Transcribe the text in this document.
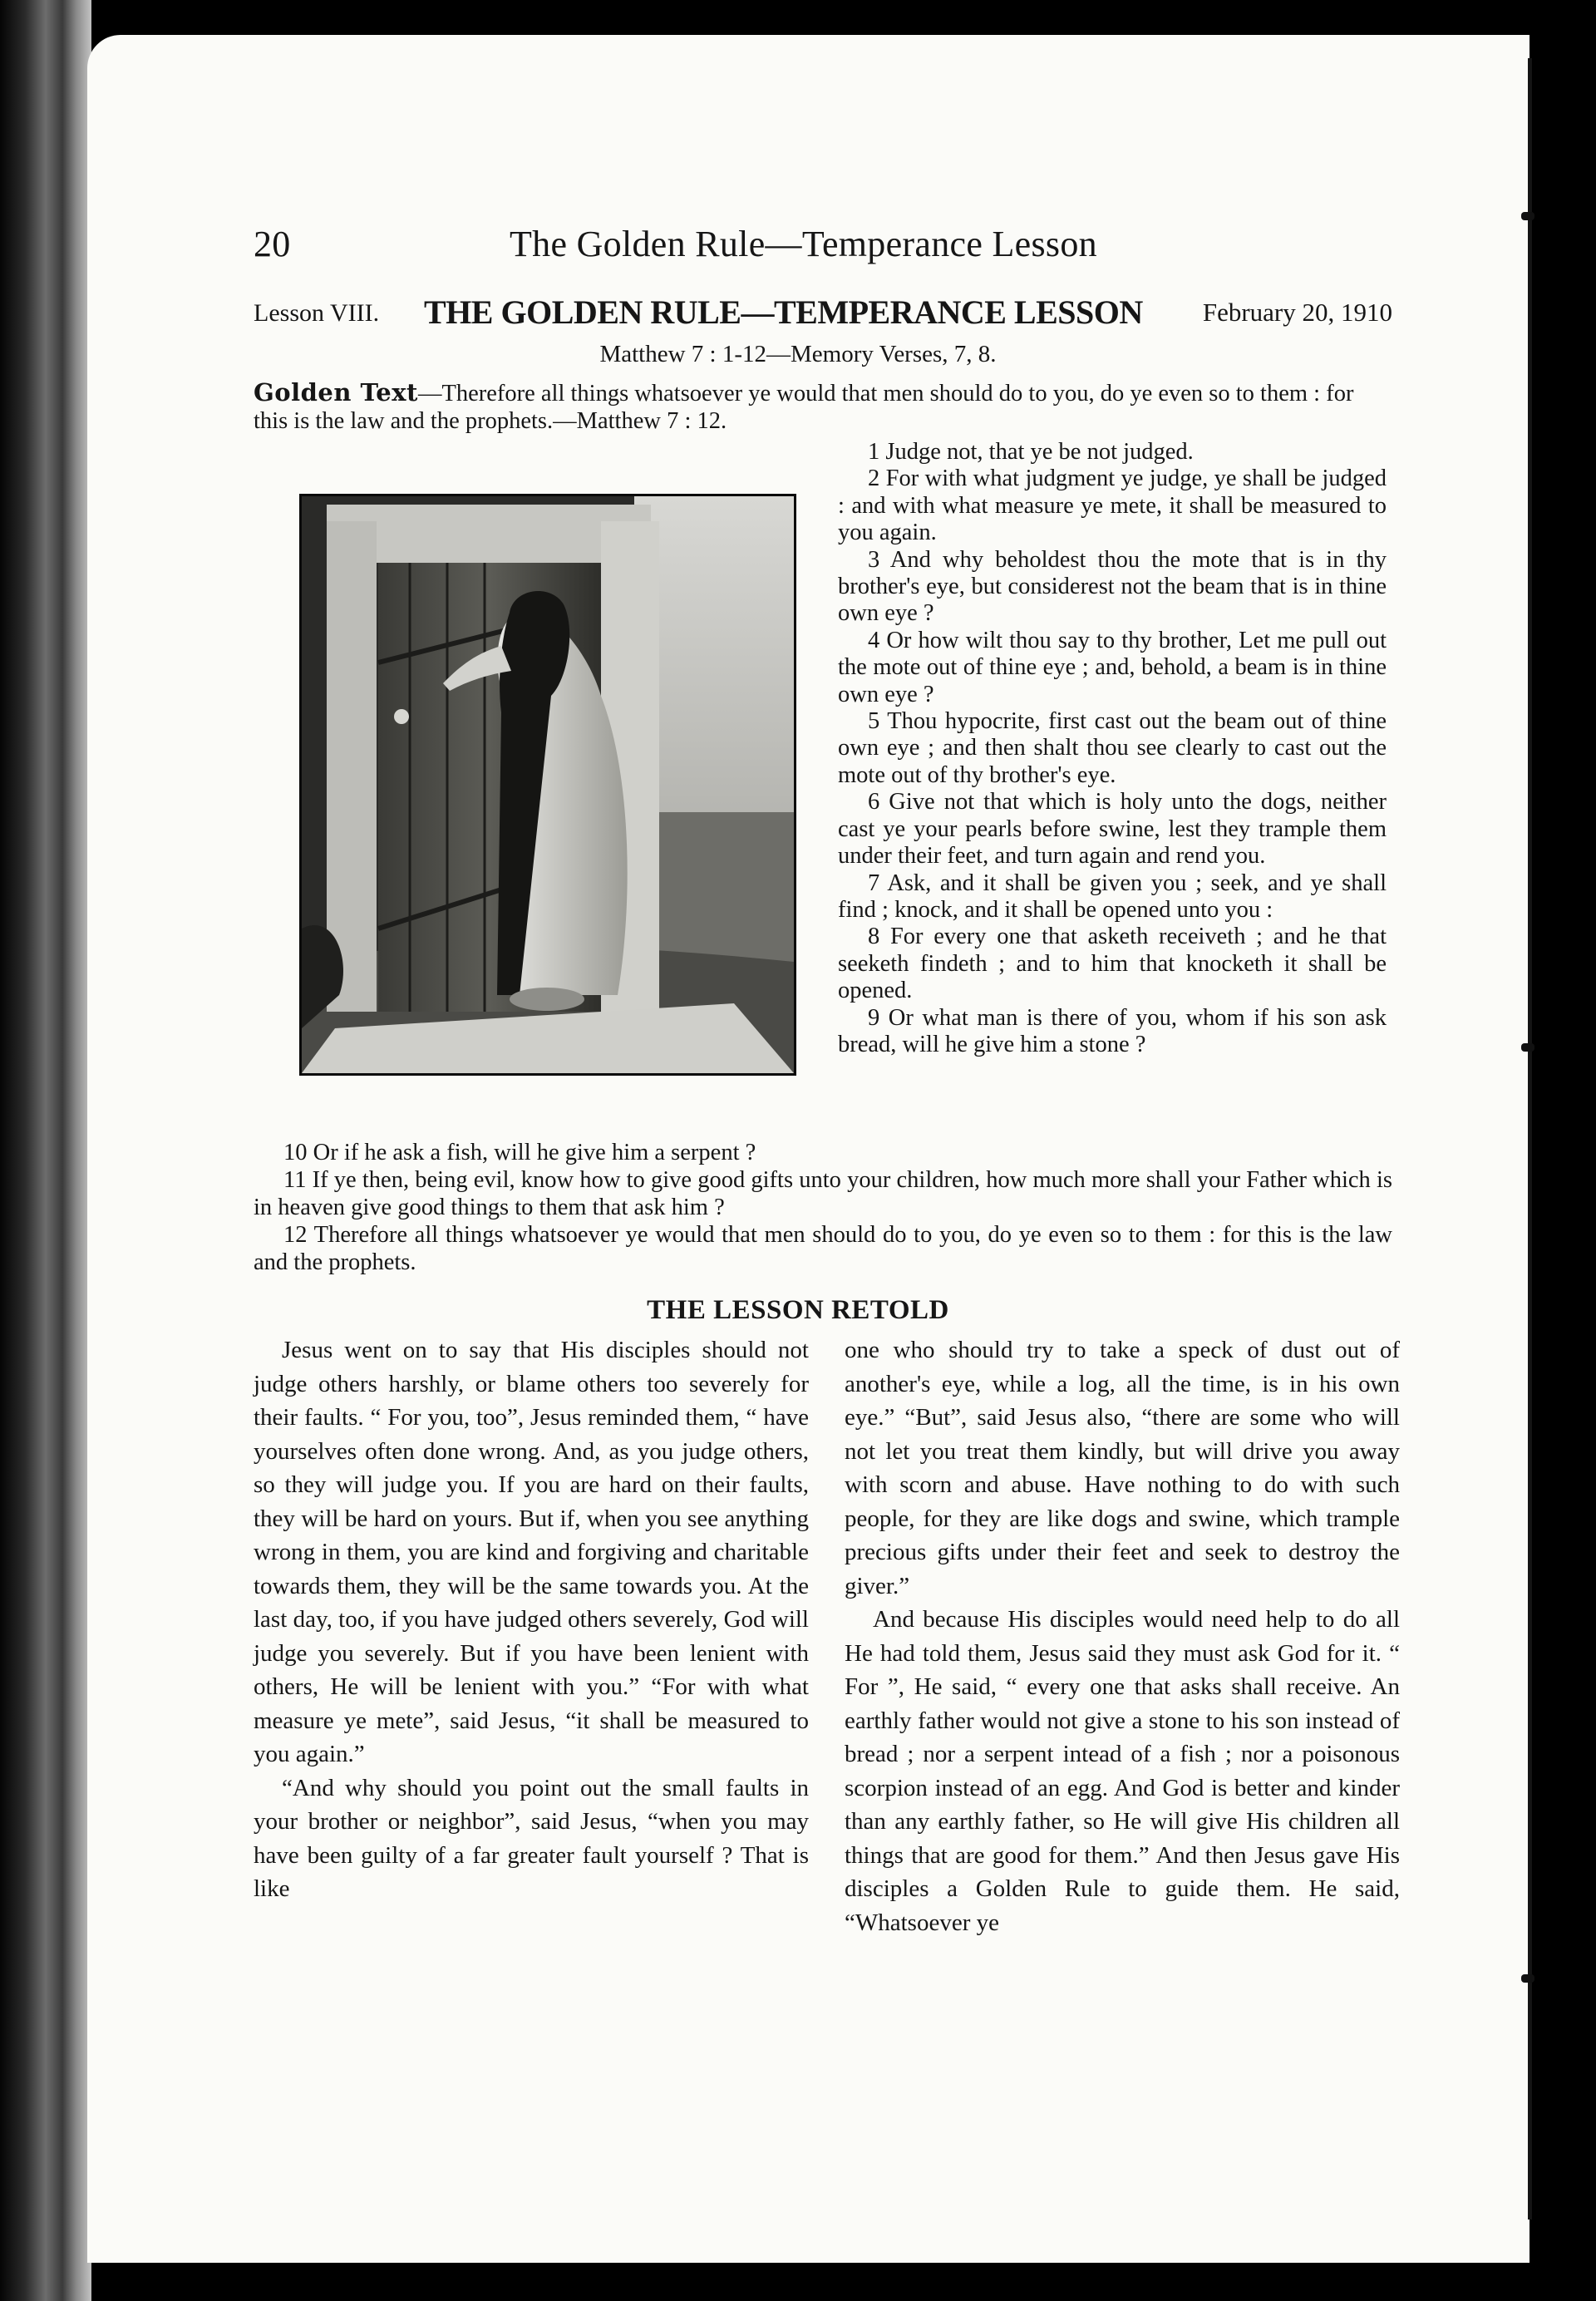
20	The Golden Rule—Temperance Lesson
Lesson VIII. THE GOLDEN RULE—TEMPERANCE LESSON February 20, 1910
Matthew 7 : 1-12—Memory Verses, 7, 8.
Golden Text—Therefore all things whatsoever ye would that men should do to you, do ye even so to them : for this is the law and the prophets.—Matthew 7 : 12.

1 Judge not, that ye be not judged.

2 For with what judgment ye judge, ye shall be judged : and with what measure ye mete, it shall be measured to you again.

3 And why beholdest thou the mote that is in thy brother's eye, but considerest not the beam that is in thine own eye ?

4 Or how wilt thou say to thy brother, Let me pull out the mote out of thine eye ; and, behold, a beam is in thine own eye ?

5 Thou hypocrite, first cast out the beam out of thine own eye ; and then shalt thou see clearly to cast out the mote out of thy brother's eye.

6 Give not that which is holy unto the dogs, neither cast ye your pearls before swine, lest they trample them under their feet, and turn again and rend you.

7 Ask, and it shall be given you ; seek, and ye shall find ; knock, and it shall be opened unto you :

8 For every one that asketh receiveth ; and he that seeketh findeth ; and to him that knocketh it shall be opened.

9 Or what man is there of you, whom if his son ask bread, will he give him a stone ?

10 Or if he ask a fish, will he give him a serpent ?

11 If ye then, being evil, know how to give good gifts unto your children, how much more shall your Father which is in heaven give good things to them that ask him ?

12 Therefore all things whatsoever ye would that men should do to you, do ye even so to them : for this is the law and the prophets.

THE LESSON RETOLD

Jesus went on to say that His disciples should not judge others harshly, or blame others too severely for their faults. “ For you, too”, Jesus reminded them, “ have yourselves often done wrong. And, as you judge others, so they will judge you. If you are hard on their faults, they will be hard on yours. But if, when you see anything wrong in them, you are kind and forgiving and charitable towards them, they will be the same towards you. At the last day, too, if you have judged others severely, God will judge you severely. But if you have been lenient with others, He will be lenient with you.” “For with what measure ye mete”, said Jesus, “it shall be measured to you again.”

“And why should you point out the small faults in your brother or neighbor”, said Jesus, “when you may have been guilty of a far greater fault yourself ? That is like

one who should try to take a speck of dust out of another's eye, while a log, all the time, is in his own eye.” “But”, said Jesus also, “there are some who will not let you treat them kindly, but will drive you away with scorn and abuse. Have nothing to do with such people, for they are like dogs and swine, which trample precious gifts under their feet and seek to destroy the giver.”

And because His disciples would need help to do all He had told them, Jesus said they must ask God for it. “ For ”, He said, “ every one that asks shall receive. An earthly father would not give a stone to his son instead of bread ; nor a serpent intead of a fish ; nor a poisonous scorpion instead of an egg. And God is better and kinder than any earthly father, so He will give His children all things that are good for them.” And then Jesus gave His disciples a Golden Rule to guide them. He said, “Whatsoever ye
